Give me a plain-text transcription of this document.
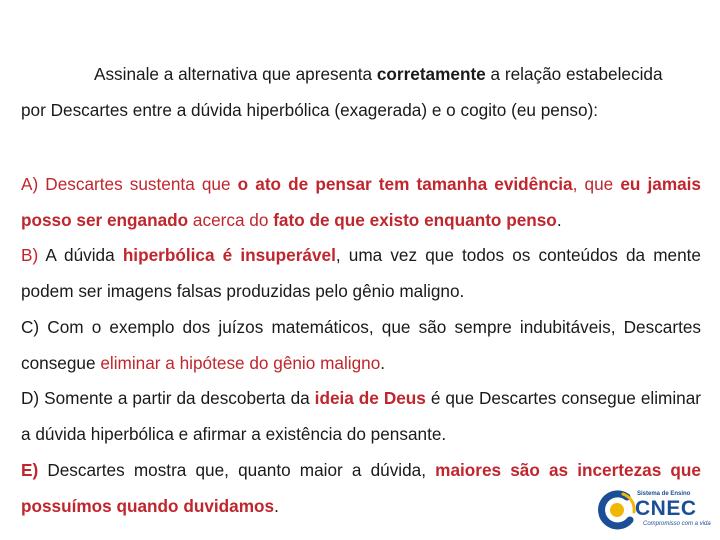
Assinale a alternativa que apresenta corretamente a relação estabelecida
por Descartes entre a dúvida hiperbólica (exagerada) e o cogito (eu penso):

A) Descartes sustenta que o ato de pensar tem tamanha evidência, que eu jamais posso ser enganado acerca do fato de que existo enquanto penso.

B) A dúvida hiperbólica é insuperável, uma vez que todos os conteúdos da mente podem ser imagens falsas produzidas pelo gênio maligno.

C) Com o exemplo dos juízos matemáticos, que são sempre indubitáveis, Descartes consegue eliminar a hipótese do gênio maligno.

D) Somente a partir da descoberta da ideia de Deus é que Descartes consegue eliminar a dúvida hiperbólica e afirmar a existência do pensante.

E) Descartes mostra que, quanto maior a dúvida, maiores são as incertezas que possuímos quando duvidamos.

Sistema de Ensino
CNEC
Compromisso com a vida
